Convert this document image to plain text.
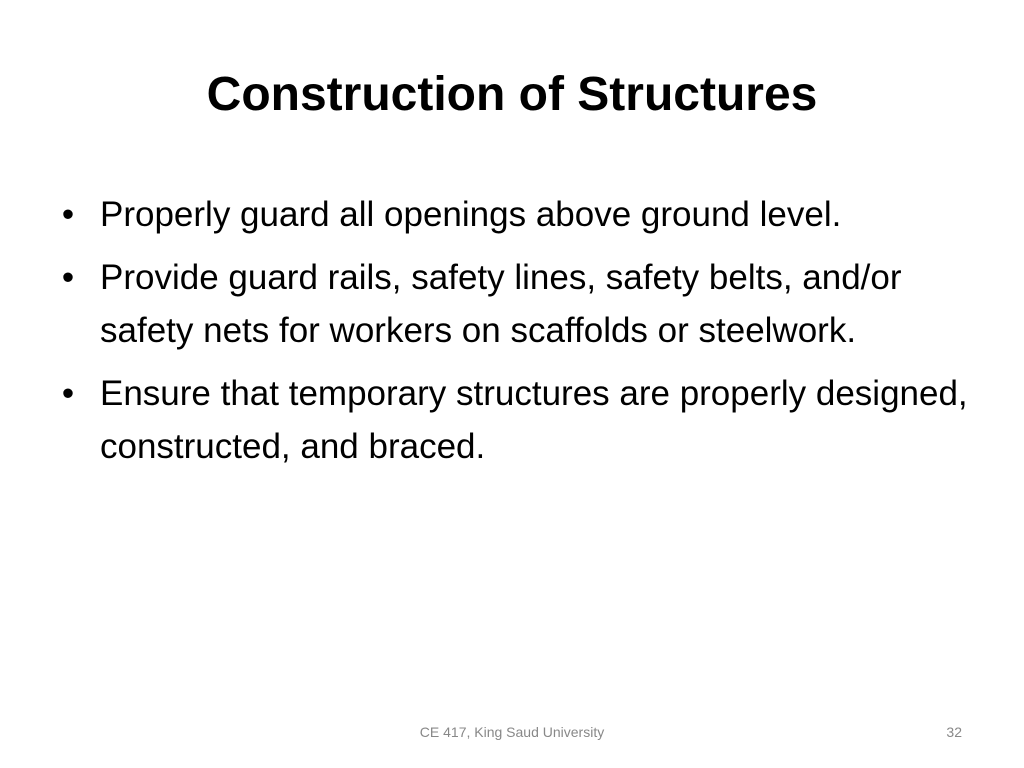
Construction of Structures
• Properly guard all openings above ground level.
• Provide guard rails, safety lines, safety belts, and/or safety nets for workers on scaffolds or steelwork.
• Ensure that temporary structures are properly designed, constructed, and braced.
CE 417, King Saud University	32
